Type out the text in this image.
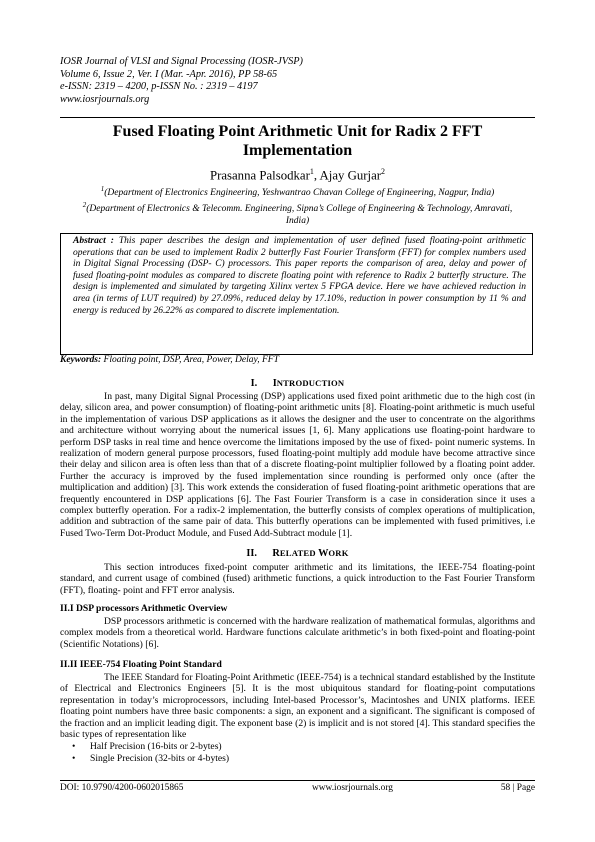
IOSR Journal of VLSI and Signal Processing (IOSR-JVSP)
Volume 6, Issue 2, Ver. I (Mar. -Apr. 2016), PP 58-65
e-ISSN: 2319 – 4200, p-ISSN No. : 2319 – 4197
www.iosrjournals.org
Fused Floating Point Arithmetic Unit for Radix 2 FFT Implementation
Prasanna Palsodkar$^1$, Ajay Gurjar$^2$
$^1$(Department of Electronics Engineering, Yeshwantrao Chavan College of Engineering, Nagpur, India)
$^2$(Department of Electronics & Telecomm. Engineering, Sipna’s College of Engineering & Technology, Amravati, India)
Abstract : This paper describes the design and implementation of user defined fused floating-point arithmetic operations that can be used to implement Radix 2 butterfly Fast Fourier Transform (FFT) for complex numbers used in Digital Signal Processing (DSP- C) processors. This paper reports the comparison of area, delay and power of fused floating-point modules as compared to discrete floating point with reference to Radix 2 butterfly structure. The design is implemented and simulated by targeting Xilinx vertex 5 FPGA device. Here we have achieved reduction in area (in terms of LUT required) by 27.09%, reduced delay by 17.10%, reduction in power consumption by 11 % and energy is reduced by 26.22% as compared to discrete implementation.
Keywords: Floating point, DSP, Area, Power, Delay, FFT
I. INTRODUCTION
In past, many Digital Signal Processing (DSP) applications used fixed point arithmetic due to the high cost (in delay, silicon area, and power consumption) of floating-point arithmetic units [8]. Floating-point arithmetic is much useful in the implementation of various DSP applications as it allows the designer and the user to concentrate on the algorithms and architecture without worrying about the numerical issues [1, 6]. Many applications use floating-point hardware to perform DSP tasks in real time and hence overcome the limitations imposed by the use of fixed- point numeric systems. In realization of modern general purpose processors, fused floating-point multiply add module have become attractive since their delay and silicon area is often less than that of a discrete floating-point multiplier followed by a floating point adder. Further the accuracy is improved by the fused implementation since rounding is performed only once (after the multiplication and addition) [3]. This work extends the consideration of fused floating-point arithmetic operations that are frequently encountered in DSP applications [6]. The Fast Fourier Transform is a case in consideration since it uses a complex butterfly operation. For a radix-2 implementation, the butterfly consists of complex operations of multiplication, addition and subtraction of the same pair of data. This butterfly operations can be implemented with fused primitives, i.e Fused Two-Term Dot-Product Module, and Fused Add-Subtract module [1].
II. RELATED WORK
This section introduces fixed-point computer arithmetic and its limitations, the IEEE-754 floating-point standard, and current usage of combined (fused) arithmetic functions, a quick introduction to the Fast Fourier Transform (FFT), floating- point and FFT error analysis.
II.I DSP processors Arithmetic Overview
DSP processors arithmetic is concerned with the hardware realization of mathematical formulas, algorithms and complex models from a theoretical world. Hardware functions calculate arithmetic’s in both fixed-point and floating-point (Scientific Notations) [6].
II.II IEEE-754 Floating Point Standard
The IEEE Standard for Floating-Point Arithmetic (IEEE-754) is a technical standard established by the Institute of Electrical and Electronics Engineers [5]. It is the most ubiquitous standard for floating-point computations representation in today’s microprocessors, including Intel-based Processor’s, Macintoshes and UNIX platforms. IEEE floating point numbers have three basic components: a sign, an exponent and a significant. The significant is composed of the fraction and an implicit leading digit. The exponent base (2) is implicit and is not stored [4]. This standard specifies the basic types of representation like
• Half Precision (16-bits or 2-bytes)
• Single Precision (32-bits or 4-bytes)
DOI: 10.9790/4200-0602015865	www.iosrjournals.org	58 | Page
